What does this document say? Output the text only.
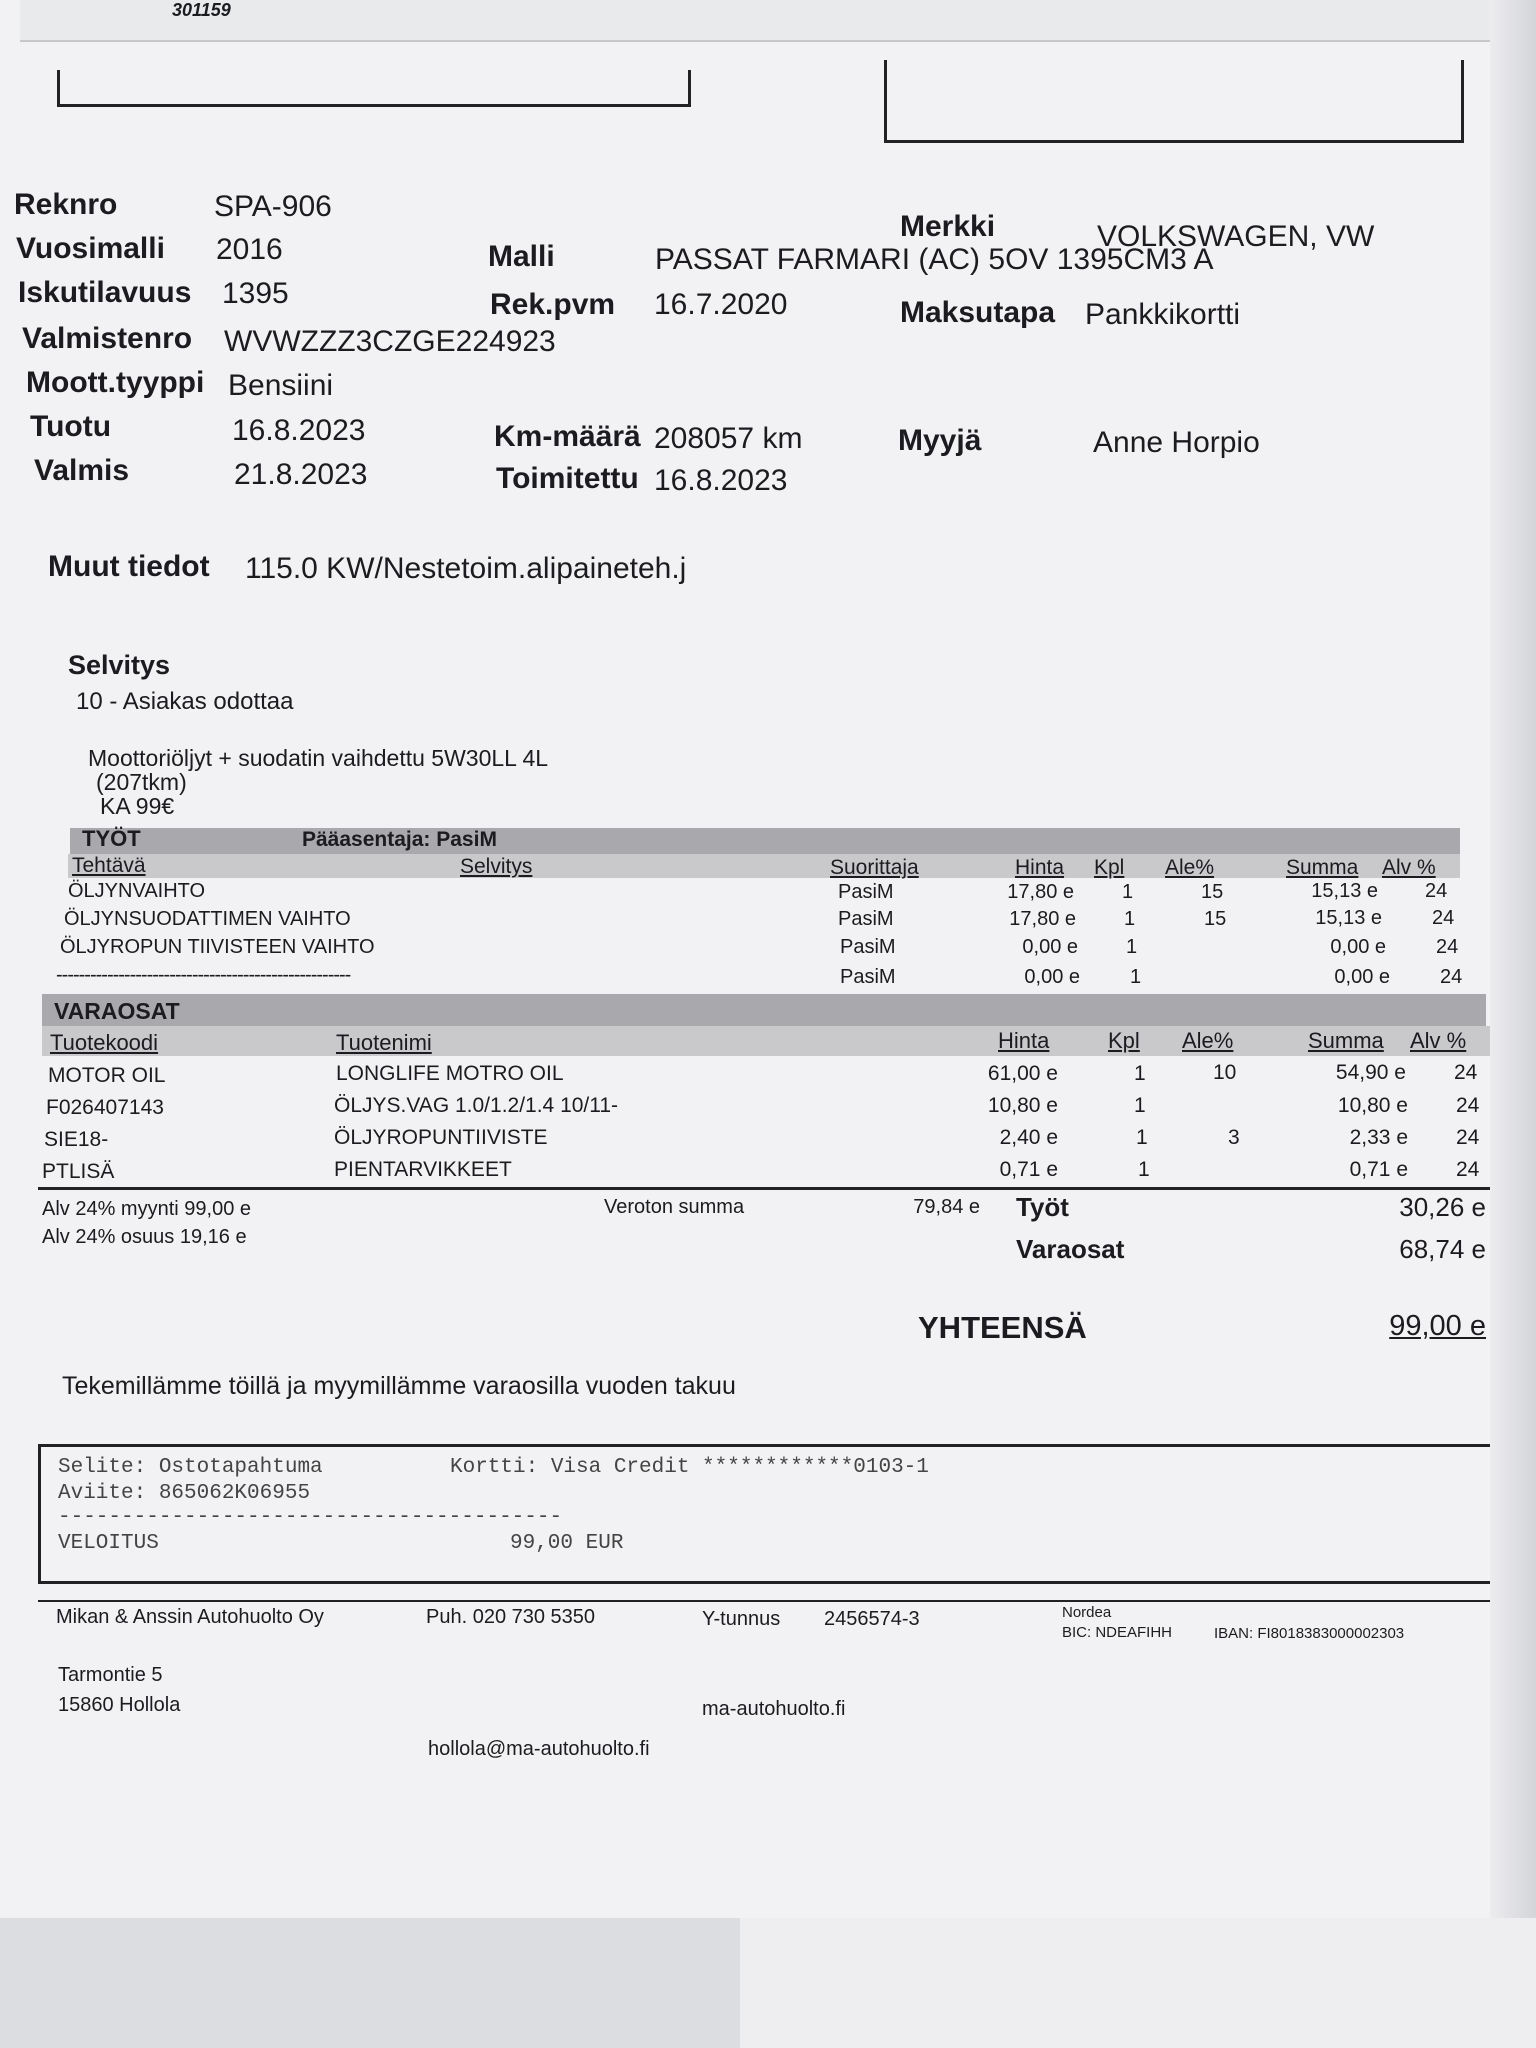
301159
Reknro	SPA-906
Vuosimalli 2016
Iskutilavuus 1395
Valmistenro WVWZZZ3CZGE224923
Moott.tyyppi Bensiini
Tuotu	16.8.2023
Valmis	21.8.2023
Malli	PASSAT FARMARI (AC) 5OV 1395CM3 A
Rek.pvm 16.7.2020
Km-määrä 208057 km
Toimitettu 16.8.2023
Merkki	VOLKSWAGEN, VW
Maksutapa Pankkikortti
Myyjä	Anne Horpio
Muut tiedot 115.0 KW/Nestetoim.alipaineteh.j
Selvitys
10 - Asiakas odottaa
Moottoriöljyt + suodatin vaihdettu 5W30LL 4L
(207tkm)
KA 99€
TYÖT	Pääasentaja: PasiM
Tehtävä	Selvitys	Suorittaja	Hinta Kpl Ale%	Summa Alv %
ÖLJYNVAIHTO	PasiM	17,80 e 1	15	15,13 e 24
ÖLJYNSUODATTIMEN VAIHTO	PasiM	17,80 e 1	15	15,13 e	24
ÖLJYROPUN TIIVISTEEN VAIHTO	PasiM	0,00 e 1	0,00 e	24
----------------------------------------------------	PasiM	0,00 e	1	0,00 e	24
VARAOSAT
Tuotekoodi	Tuotenimi	Hinta	Kpl Ale%	Summa Alv %
MOTOR OIL	LONGLIFE MOTRO OIL	61,00 e	1	10	54,90 e 24
F026407143	ÖLJYS.VAG 1.0/1.2/1.4 10/11-	10,80 e	1	10,80 e 24
SIE18-	ÖLJYROPUNTIIVISTE	2,40 e	1	3	2,33 e 24
PTLISÄ	PIENTARVIKKEET	0,71 e	1	0,71 e 24
Alv 24% myynti 99,00 e
Alv 24% osuus 19,16 e
Veroton summa	79,84 e Työt	30,26 e
Varaosat	68,74 e
YHTEENSÄ	99,00 e
Tekemillämme töillä ja myymillämme varaosilla vuoden takuu
Selite: Ostotapahtuma	Kortti: Visa Credit ************0103-1
Aviite: 865062K06955
----------------------------------------
VELOITUS	99,00 EUR
Mikan & Anssin Autohuolto Oy	Puh. 020 730 5350	Y-tunnus 2456574-3	Nordea
BIC: NDEAFIHH	IBAN: FI8018383000002303
Tarmontie 5
15860 Hollola	ma-autohuolto.fi
hollola@ma-autohuolto.fi
